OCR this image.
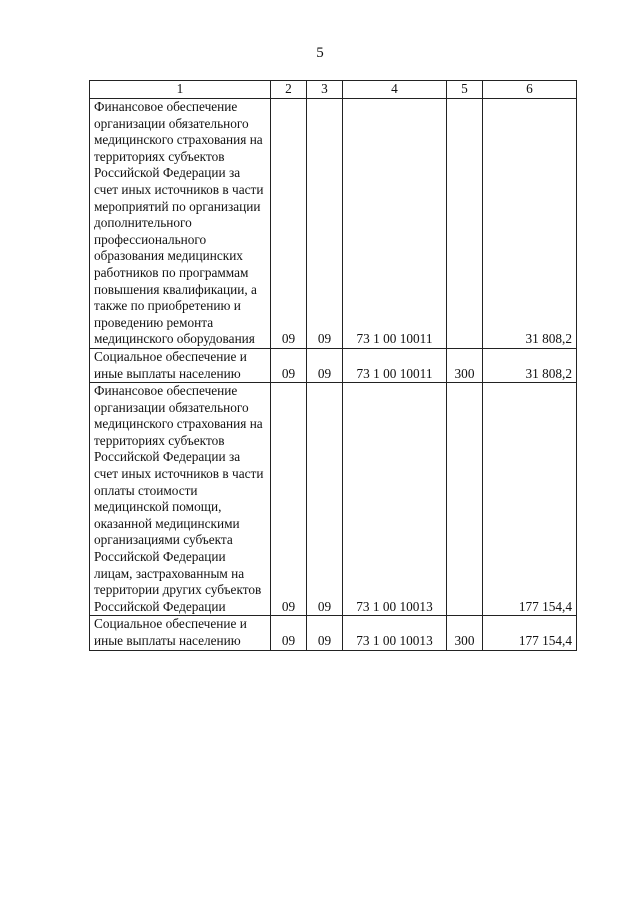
5
1	2	3	4	5	6

Финансовое обеспечение организации обязательного медицинского страхования на территориях субъектов Российской Федерации за счет иных источников в части мероприятий по организации дополнительного профессионального образования медицинских работников по программам повышения квалификации, а также по приобретению и проведению ремонта медицинского оборудования	09	09	73 1 00 10011		31 808,2

Социальное обеспечение и иные выплаты населению	09	09	73 1 00 10011	300	31 808,2

Финансовое обеспечение организации обязательного медицинского страхования на территориях субъектов Российской Федерации за счет иных источников в части оплаты стоимости медицинской помощи, оказанной медицинскими организациями субъекта Российской Федерации лицам, застрахованным на территории других субъектов Российской Федерации	09	09	73 1 00 10013		177 154,4

Социальное обеспечение и иные выплаты населению	09	09	73 1 00 10013	300	177 154,4
